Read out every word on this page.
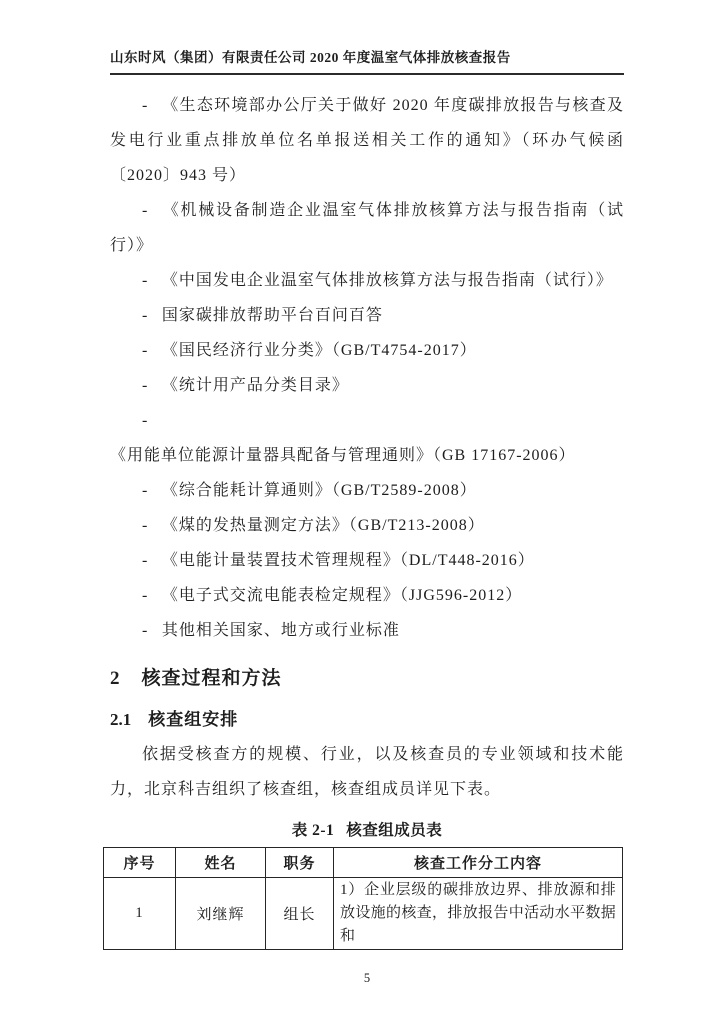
山东时风（集团）有限责任公司 2020 年度温室气体排放核查报告
- 《生态环境部办公厅关于做好 2020 年度碳排放报告与核查及发电行业重点排放单位名单报送相关工作的通知》（环办气候函〔2020〕943 号）
- 《机械设备制造企业温室气体排放核算方法与报告指南（试行）》
- 《中国发电企业温室气体排放核算方法与报告指南（试行）》
- 国家碳排放帮助平台百问百答
- 《国民经济行业分类》（GB/T4754-2017）
- 《统计用产品分类目录》
-《用能单位能源计量器具配备与管理通则》（GB 17167-2006）
- 《综合能耗计算通则》（GB/T2589-2008）
- 《煤的发热量测定方法》（GB/T213-2008）
- 《电能计量装置技术管理规程》（DL/T448-2016）
- 《电子式交流电能表检定规程》（JJG596-2012）
- 其他相关国家、地方或行业标准
2 核查过程和方法
2.1 核查组安排

依据受核查方的规模、行业，以及核查员的专业领域和技术能力，北京科吉组织了核查组，核查组成员详见下表。

表 2-1 核查组成员表
序号	姓名	职务	核查工作分工内容
1	刘继辉	组长	1）企业层级的碳排放边界、排放源和排放设施的核查，排放报告中活动水平数据和
5
